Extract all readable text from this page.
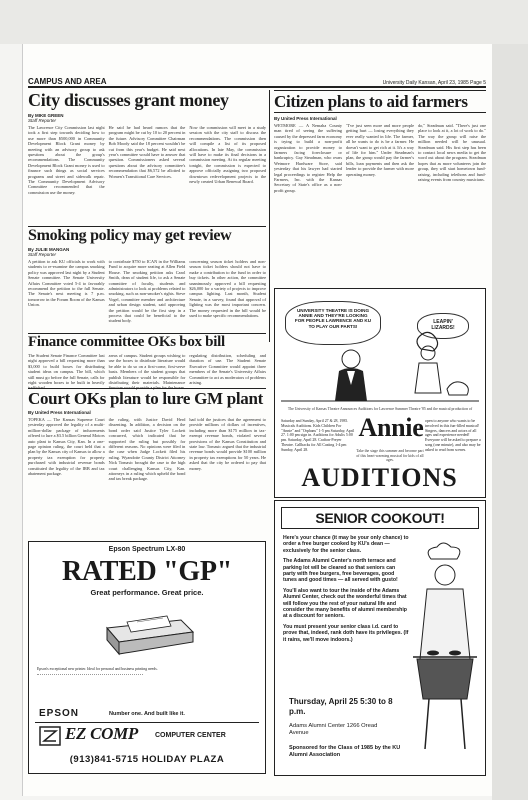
CAMPUS AND AREA	University Daily Kansan, April 23, 1985 Page 5
City discusses grant money
By MIKE GREEN
Staff Reporter
The Lawrence City Commission last night took a first step towards deciding how to use more than $500,000 in Community Development Block Grant money by meeting with an advisory group to ask questions about the group's recommendations. The Community Development Block Grant money is used to finance such things as social services programs and street and sidewalk repair. The Community Development Advisory Committee recommended that the commission use the money.
He said he had heard rumors that the program might be cut by 10 to 20 percent in the future. Advisory Committee Chairman Bob Moody said the 18 percent wouldn't be cut from this year's budget. He said next year's committee would have to answer that question. Commissioners asked several questions about the advisory committee's recommendation that $6,572 be allotted to Women's Transitional Care Services.
Now the commission will meet in a study session with the city staff to discuss the recommendations. The commission then will compile a list of its proposed allocations. In late May, the commission will have to make its final decisions in a commission meeting. At its regular meeting tonight, the commission is expected to approve officially assigning two proposed downtown redevelopment projects to the newly created Urban Renewal Board.
Citizen plans to aid farmers
By United Press International
WETMORE — A Nemaha County man tired of seeing the suffering caused by the depressed farm economy is trying to build a non-profit organization to provide money to farmers facing foreclosure or bankruptcy. Gay Steadman, who owns Wetmore Hardware Store, said yesterday that his lawyer had started legal proceedings to register Help the Farmers, Inc. with the Kansas Secretary of State's office as a non-profit group.
"I've just seen more and more people getting hurt — losing everything they ever really wanted in life. The farmer, all he wants to do is be a farmer. He doesn't want to get rich at it. It's a way of life for him." Under Steadman's plan, the group would pay the farmer's bills, loan payments and then ask the lender to provide the farmer with more operating money.
do," Steadman said. "There's just one place to look at it, a lot of work to do." The way the group will raise the million needed will be unusual. Steadman said. His first step has been to contact local news media to get the word out about the program. Steadman hopes that as more volunteers join the group, they will start hometown fund-raising, including telethons and fund-raising events from country musicians.
Smoking policy may get review
By JULIE MANGAN
Staff Reporter
A petition to ask KU officials to work with students to re-examine the campus smoking policy was approved last night by a Student Senate committee. The Senate University Affairs Committee voted 5-4 to favorably recommend the petition to the full Senate. The Senate's next meeting is 7 p.m. tomorrow in the Forum Room of the Kansas Union.
to contribute $750 to ICAN in the Williams Fund to acquire more seating at Allen Field House. The smoking petition asks Carol Smith, dean of student life, to ask a Senate committee of faculty, students and administrators to look at problems related to smoking, such as non-smoker's rights. Steve Vogel, committee member and architecture and urban design student, said approving the petition would be the first step in a process that could be beneficial to the student body.
concerning season ticket holders and non-season ticket holders should not have to make a contribution to the fund in order to buy tickets. In other action, the committee unanimously approved a bill requesting $26,000 for a variety of projects to improve campus lighting. Last month, Student Senate, in a survey, found that approval of lighting was the most important concern. The money requested in the bill would be used to make specific recommendations.
Finance committee OKs box bill
The Student Senate Finance Committee last night approved a bill requesting more than $3,000 to build boxes for distributing student ideas on campus. The bill, which still must go before the full Senate, calls for eight wooden boxes to be built in heavily
areas of campus. Student groups wishing to use the boxes to distribute literature would be able to do so on a first-come, first-serve basis. Members of the student groups that publish literature would be responsible for distributing their materials. Maintenance
regulating distribution, scheduling and duration of use. The Student Senate Executive Committee would appoint three members of the Senate's University Affairs Committee to act as moderators of problems arising.
Court OKs plan to lure GM plant
By United Press International
TOPEKA — The Kansas Supreme Court yesterday approved the legality of a multi-million-dollar package of inducements offered to lure a $3.5 billion General Motors auto plant to Kansas City, Kan. In a one-page opinion ruling, the court held that a plan by the Kansas city of Kansas to allow a property tax exemption for property purchased with industrial revenue bonds constituted the legality of the IRB and tax abatement package.
the ruling, with Justice David Herd dissenting. In addition, a decision on the bond order said Justice Tyler Lockett concurred, which indicated that he supported the ruling but possibly for different reasons. No opinions were filed in the case when Judge Lockett filed his ruling. Wyandotte County District Attorney Nick Tomasic brought the case to the high court challenging Kansas City, Kan. attorneys in a ruling which upheld the bond and tax break package.
had told the justices that the agreement to provide millions of dollars of incentives, including more than $175 million in tax-exempt revenue bonds, violated several provisions of the Kansas Constitution and state law. Tomasic argued that the industrial revenue bonds would provide $100 million in property tax exemptions for 50 years. He asked that the city be ordered to pay that money.
UNIVERSITY THEATRE IS DOING ANNIE AND THEY'RE LOOKING FOR PEOPLE LAWRENCE AND KU TO PLAY OUR PARTS!
LEAPIN' LIZARDS!
The University of Kansas Theatre Announces Auditions for Lawrence Summer Theatre '85 and the musical production of
Saturday and Sunday, April 27 & 28, 1985. Musicals Auditions. Kids Children For "Annie" and "Orphans" 1-5 pm Saturday, April 27. 1:00 pm sign in. Auditions for Adults 5:00 pm. Saturday, April 28. Crafton-Preyer Theatre. Callbacks for All Casting 1-4 pm Sunday, April 28.
Annie open to anyone who wants to be involved in this fun-filled musical! Singers, dancers and actors of all ages and experience needed! Everyone will be asked to prepare a song (one minute), and also may be asked to read from scenes.
Take the stage this summer and become part of this heart-warming musical for kids of all ages.
AUDITIONS
Epson Spectrum LX-80
RATED "GP"
Great performance. Great price.
Epson's exceptional new printer. Ideal for personal and business printing needs.
EPSON	Number one. And built like it.
EZ COMP COMPUTER CENTER
(913)841-5715 HOLIDAY PLAZA
SENIOR COOKOUT!
Here's your chance (it may be your only chance) to order a free burger cooked by KU's dean — exclusively for the senior class.
The Adams Alumni Center's north terrace and parking lot will be cleared so that seniors can party with free burgers, free beverages, good tunes and good times — all served with gusto!
You'll also want to tour the inside of the Adams Alumni Center, check out the wonderful times that will follow you the rest of your natural life and consider the many benefits of alumni membership at a discount for seniors.
You must present your senior class i.d. card to prove that, indeed, rank doth have its privileges. (If it rains, we'll move indoors.)
Thursday, April 25 5:30 to 8 p.m.
Adams Alumni Center 1266 Oread Avenue
Sponsored for the Class of 1985 by the KU Alumni Association
